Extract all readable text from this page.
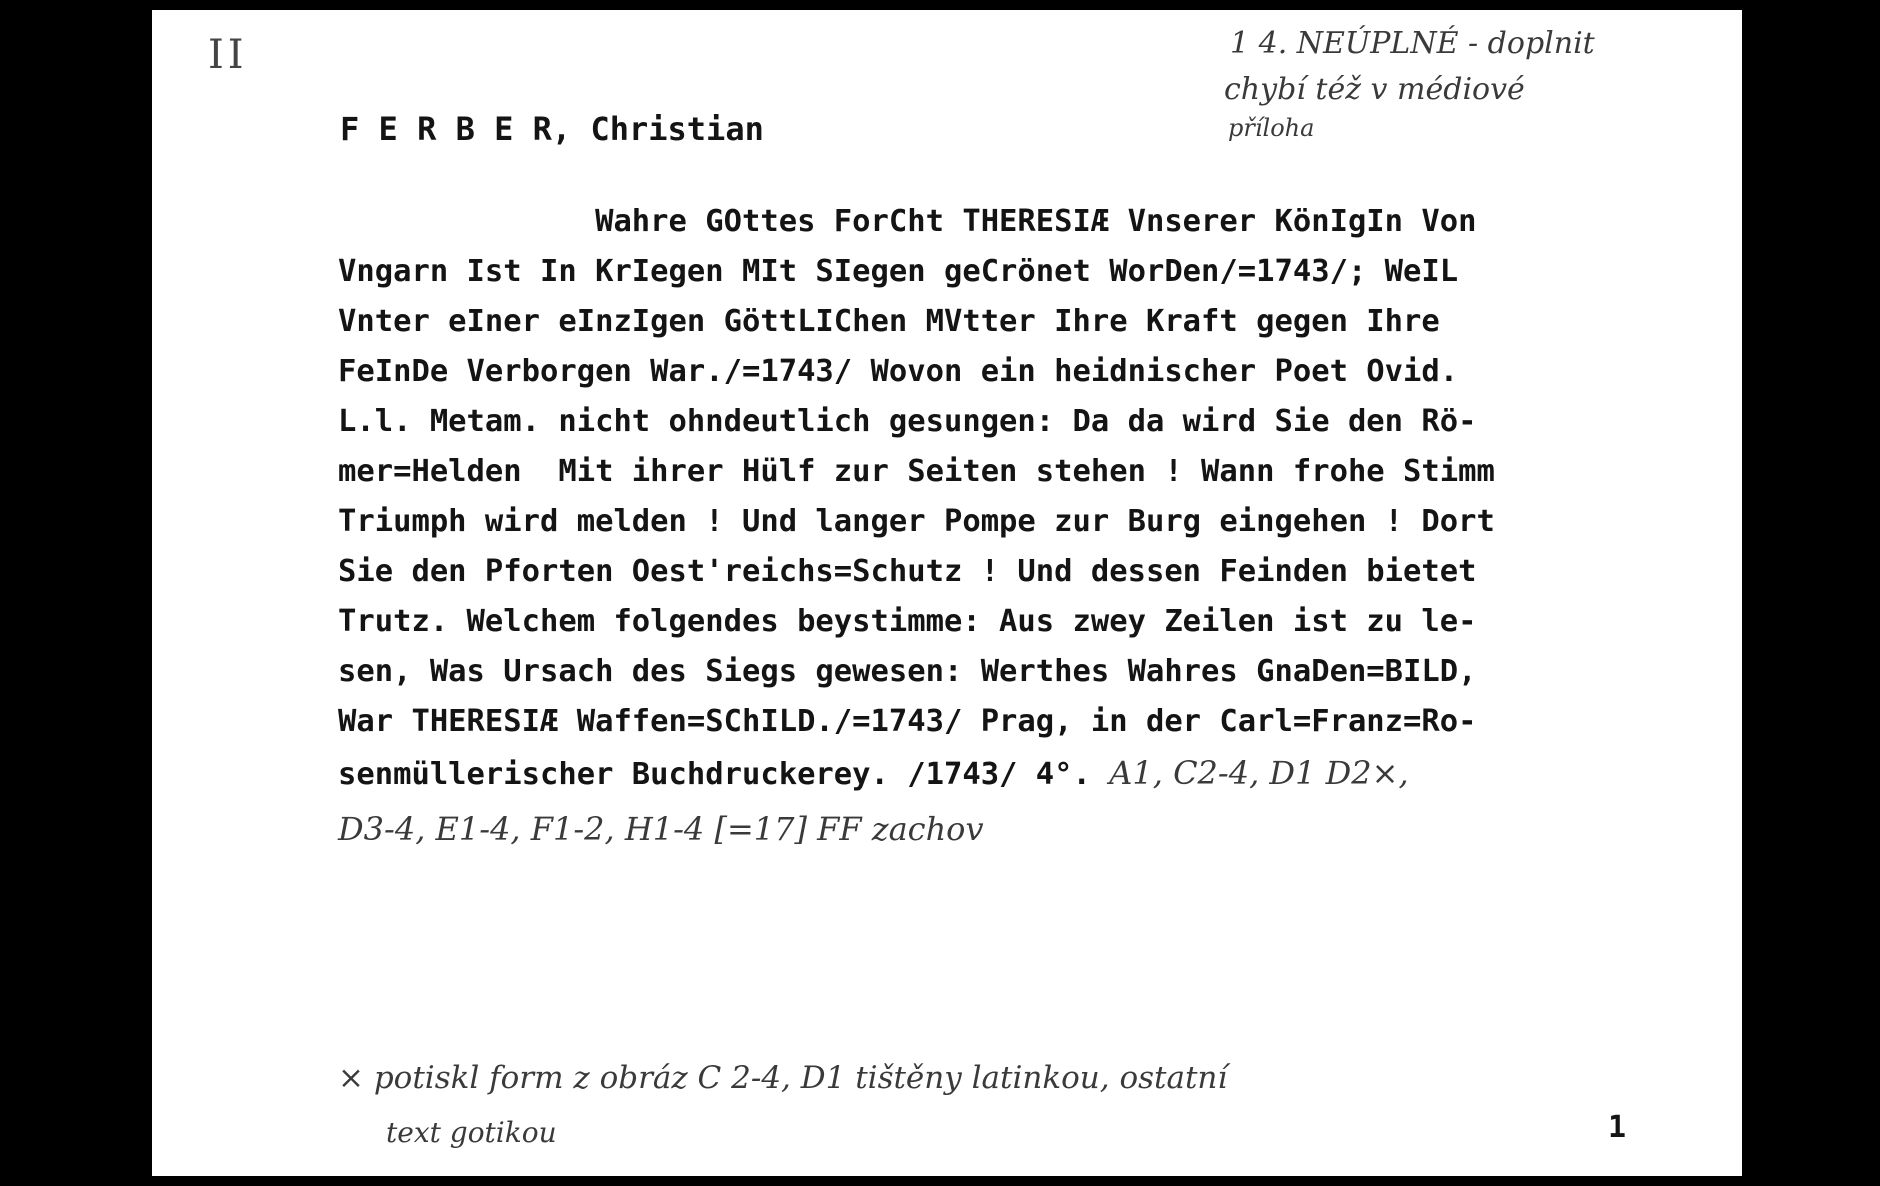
II	1 4. NEÚPLNÉ - doplnit
chybí též v médiové
příloha
F E R B E R, Christian
Wahre GOttes ForCht THERESIÆ Vnserer KönIgIn Von
Vngarn Ist In KrIegen MIt SIegen geCrönet WorDen/=1743/; WeIL
Vnter eIner eInzIgen GöttLIChen MVtter Ihre Kraft gegen Ihre
FeInDe Verborgen War./=1743/ Wovon ein heidnischer Poet Ovid.
L.l. Metam. nicht ohndeutlich gesungen: Da da wird Sie den Rö-
mer=Helden  Mit ihrer Hülf zur Seiten stehen ! Wann frohe Stimm
Triumph wird melden ! Und langer Pompe zur Burg eingehen ! Dort
Sie den Pforten Oest'reichs=Schutz ! Und dessen Feinden bietet
Trutz. Welchem folgendes beystimme: Aus zwey Zeilen ist zu le-
sen, Was Ursach des Siegs gewesen: Werthes Wahres GnaDen=BILD,
War THERESIÆ Waffen=SChILD./=1743/ Prag, in der Carl=Franz=Ro-
senmüllerischer Buchdruckerey. /1743/ 4°. A1, C2-4, D1 D2×,
D3-4, E1-4, F1-2, H1-4 [=17] FF zachov
× potiskl form z obráz C 2-4, D1 tištěny latinkou, ostatní
text gotikou	1
